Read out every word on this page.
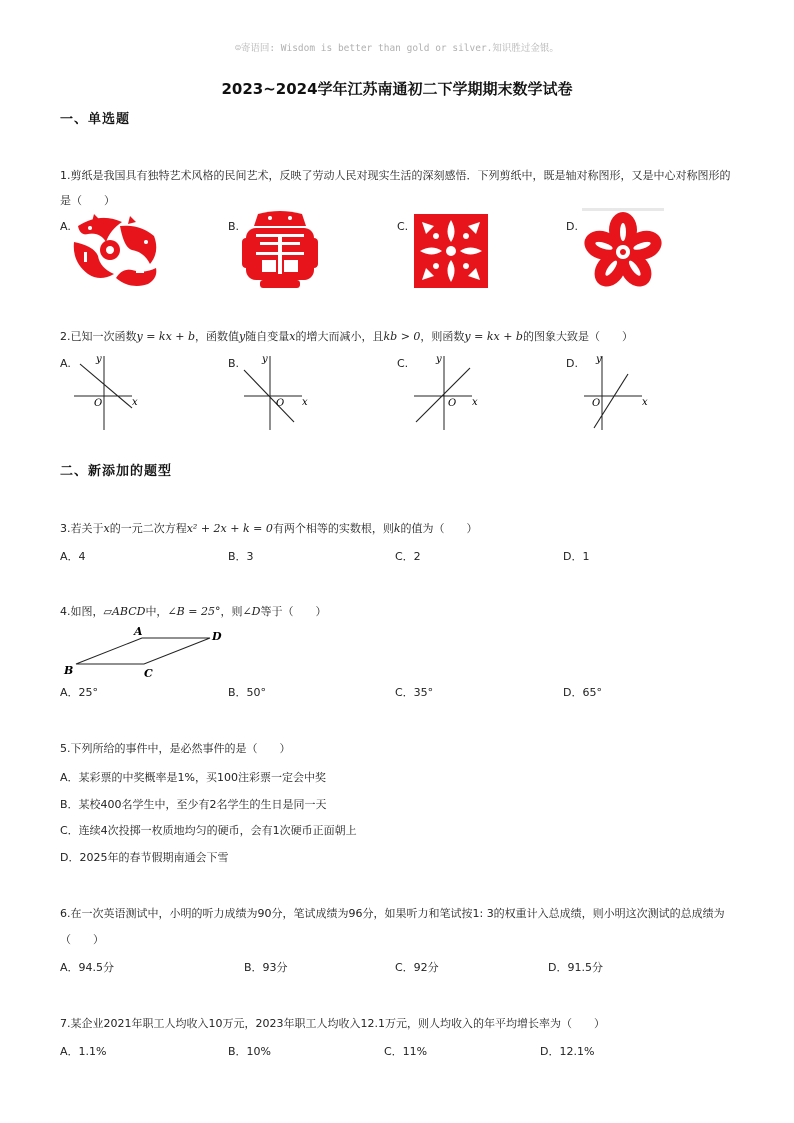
☺寄语回: Wisdom is better than gold or silver.知识胜过金银。
2023~2024学年江苏南通初二下学期期末数学试卷
一、单选题
1.剪纸是我国具有独特艺术风格的民间艺术，反映了劳动人民对现实生活的深刻感悟．下列剪纸中，既是轴对称图形，又是中心对称图形的
是（　　）
A.	B.	C.	D.
2.已知一次函数y = kx + b，函数值y随自变量x的增大而减小，且kb > 0，则函数y = kx + b的图象大致是（　　）
A.	B.	C.	D.
y
x
O
y
x
O
y
x
O
y
x
O
二、新添加的题型
3.若关于x的一元二次方程x² + 2x + k = 0有两个相等的实数根，则k的值为（　　）
A．4	B．3	C．2	D．1
4.如图，▱ABCD中，∠B = 25°，则∠D等于（　　）
A
B	C
D
A．25°	B．50°	C．35°	D．65°
5.下列所给的事件中，是必然事件的是（　　）
A．某彩票的中奖概率是1%，买100注彩票一定会中奖
B．某校400名学生中，至少有2名学生的生日是同一天
C．连续4次投掷一枚质地均匀的硬币，会有1次硬币正面朝上
D．2025年的春节假期南通会下雪
6.在一次英语测试中，小明的听力成绩为90分，笔试成绩为96分，如果听力和笔试按1: 3的权重计入总成绩，则小明这次测试的总成绩为
（　　）
A．94.5分	B．93分	C．92分	D．91.5分
7.某企业2021年职工人均收入10万元，2023年职工人均收入12.1万元，则人均收入的年平均增长率为（　　）
A．1.1%	B．10%	C．11%	D．12.1%
